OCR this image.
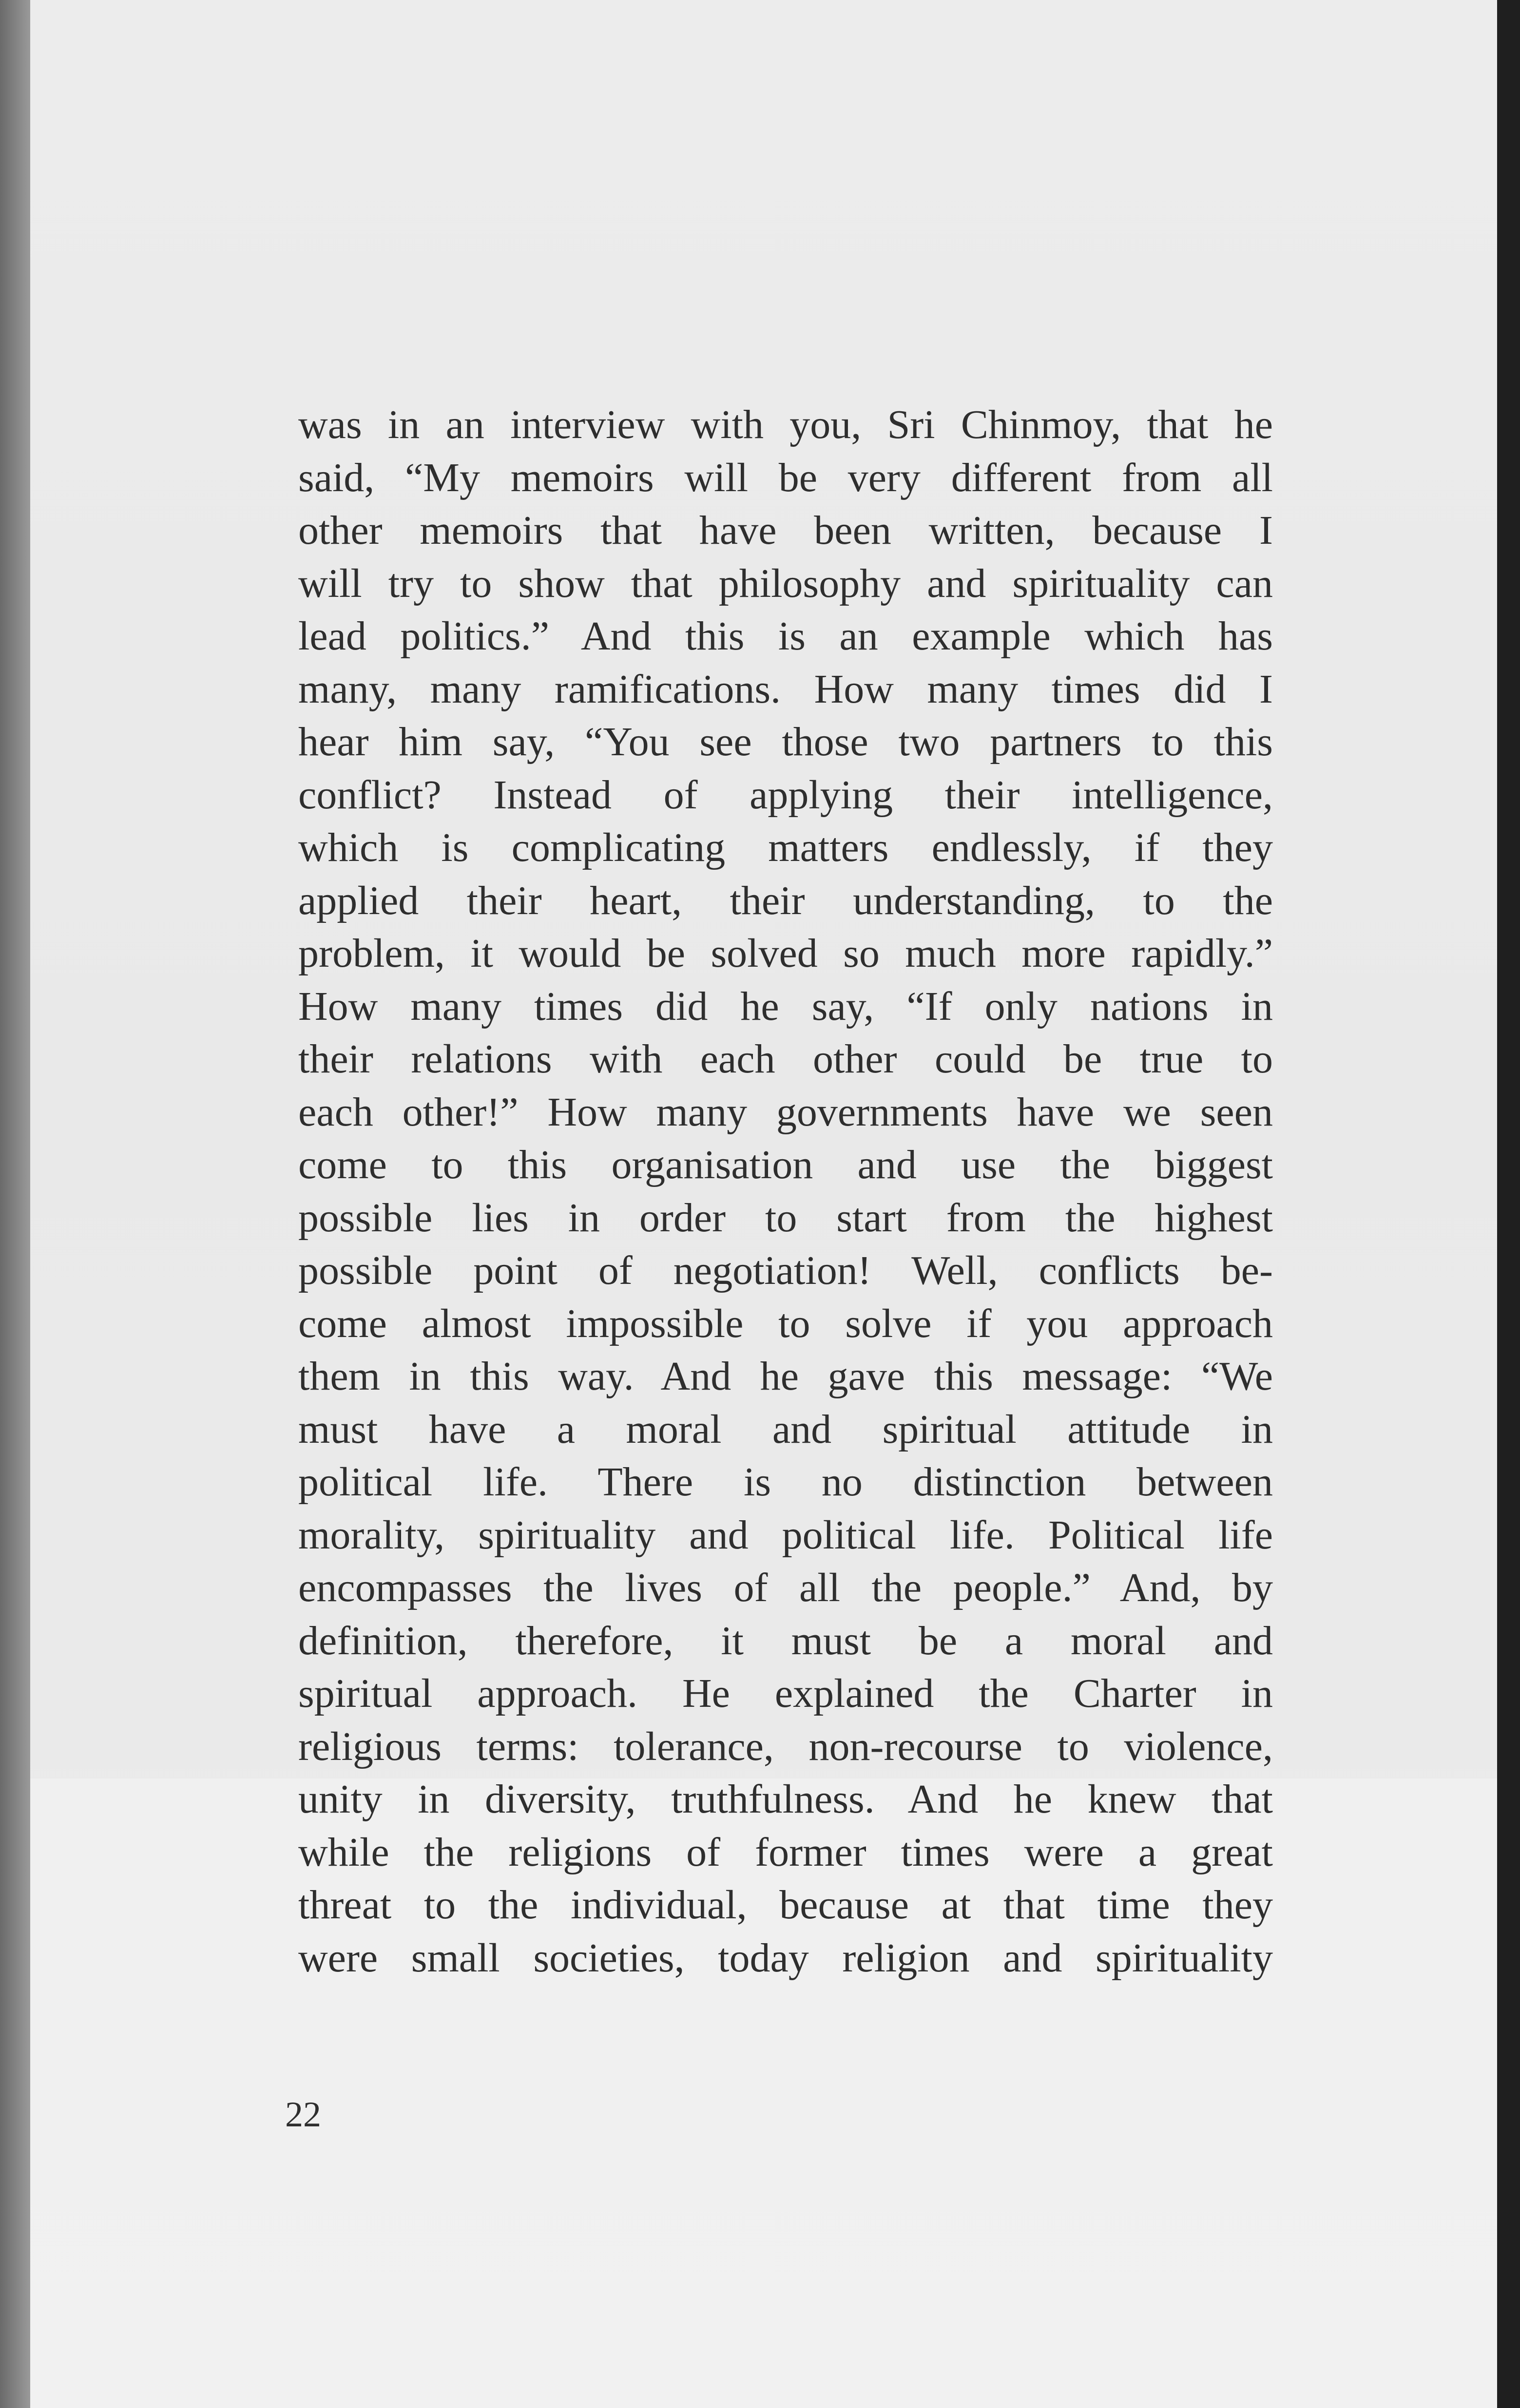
was in an interview with you, Sri Chinmoy, that he
said, “My memoirs will be very different from all
other memoirs that have been written, because I
will try to show that philosophy and spirituality can
lead politics.” And this is an example which has
many, many ramifications. How many times did I
hear him say, “You see those two partners to this
conflict? Instead of applying their intelligence,
which is complicating matters endlessly, if they
applied their heart, their understanding, to the
problem, it would be solved so much more rapidly.”
How many times did he say, “If only nations in
their relations with each other could be true to
each other!” How many governments have we seen
come to this organisation and use the biggest
possible lies in order to start from the highest
possible point of negotiation! Well, conflicts be-
come almost impossible to solve if you approach
them in this way. And he gave this message: “We
must have a moral and spiritual attitude in
political life. There is no distinction between
morality, spirituality and political life. Political life
encompasses the lives of all the people.” And, by
definition, therefore, it must be a moral and
spiritual approach. He explained the Charter in
religious terms: tolerance, non-recourse to violence,
unity in diversity, truthfulness. And he knew that
while the religions of former times were a great
threat to the individual, because at that time they
were small societies, today religion and spirituality
22
